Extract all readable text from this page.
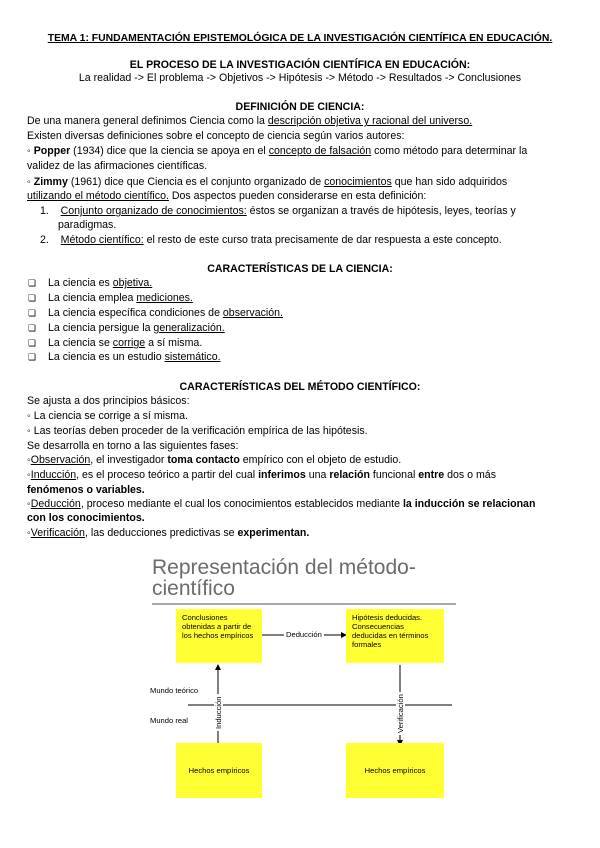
TEMA 1: FUNDAMENTACIÓN EPISTEMOLÓGICA DE LA INVESTIGACIÓN CIENTÍFICA EN EDUCACIÓN.
EL PROCESO DE LA INVESTIGACIÓN CIENTÍFICA EN EDUCACIÓN:
La realidad -> El problema -> Objetivos -> Hipótesis -> Método -> Resultados -> Conclusiones
DEFINICIÓN DE CIENCIA:
De una manera general definimos Ciencia como la descripción objetiva y racional del universo.
Existen diversas definiciones sobre el concepto de ciencia según varios autores:
◦ Popper (1934) dice que la ciencia se apoya en el concepto de falsación como método para determinar la
validez de las afirmaciones científicas.
◦ Zimmy (1961) dice que Ciencia es el conjunto organizado de conocimientos que han sido adquiridos
utilizando el método científico. Dos aspectos pueden considerarse en esta definición:
1. Conjunto organizado de conocimientos: éstos se organizan a través de hipótesis, leyes, teorías y
paradigmas.
2. Método científico: el resto de este curso trata precisamente de dar respuesta a este concepto.
CARACTERÍSTICAS DE LA CIENCIA:
❏ La ciencia es objetiva.
❏ La ciencia emplea mediciones.
❏ La ciencia específica condiciones de observación.
❏ La ciencia persigue la generalización.
❏ La ciencia se corrige a sí misma.
❏ La ciencia es un estudio sistemático.
CARACTERÍSTICAS DEL MÉTODO CIENTÍFICO:
Se ajusta a dos principios básicos:
◦ La ciencia se corrige a sí misma.
◦ Las teorías deben proceder de la verificación empírica de las hipótesis.
Se desarrolla en torno a las siguientes fases:
◦Observación, el investigador toma contacto empírico con el objeto de estudio.
◦Inducción, es el proceso teórico a partir del cual inferimos una relación funcional entre dos o más
fenómenos o variables.
◦Deducción, proceso mediante el cual los conocimientos establecidos mediante la inducción se relacionan
con los conocimientos.
◦Verificación, las deducciones predictivas se experimentan.
Representación del método-científico
Conclusiones obtenidas a partir de los hechos empíricos
Hipótesis deducidas. Consecuencias deducidas en términos formales
Hechos empíricos	Hechos empíricos
Deducción
Mundo teórico
Mundo real	Inducción	Verificación
